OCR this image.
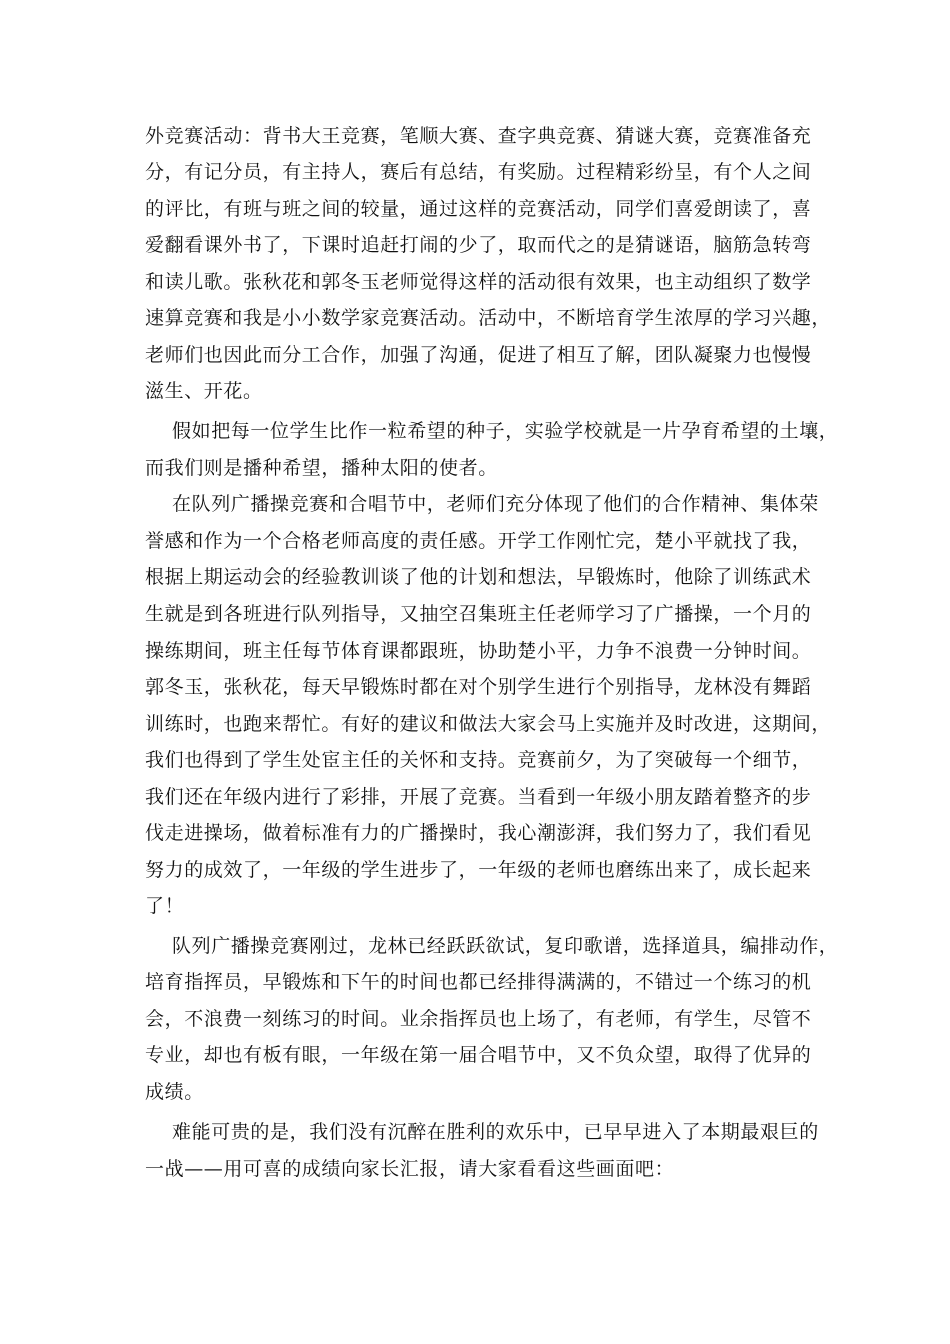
外竞赛活动：背书大王竞赛，笔顺大赛、查字典竞赛、猜谜大赛，竞赛准备充
分，有记分员，有主持人，赛后有总结，有奖励。过程精彩纷呈，有个人之间
的评比，有班与班之间的较量，通过这样的竞赛活动，同学们喜爱朗读了，喜
爱翻看课外书了，下课时追赶打闹的少了，取而代之的是猜谜语，脑筋急转弯
和读儿歌。张秋花和郭冬玉老师觉得这样的活动很有效果，也主动组织了数学
速算竞赛和我是小小数学家竞赛活动。活动中，不断培育学生浓厚的学习兴趣，
老师们也因此而分工合作，加强了沟通，促进了相互了解，团队凝聚力也慢慢
滋生、开花。
假如把每一位学生比作一粒希望的种子，实验学校就是一片孕育希望的土壤，
而我们则是播种希望，播种太阳的使者。
在队列广播操竞赛和合唱节中，老师们充分体现了他们的合作精神、集体荣
誉感和作为一个合格老师高度的责任感。开学工作刚忙完，楚小平就找了我，
根据上期运动会的经验教训谈了他的计划和想法，早锻炼时，他除了训练武术
生就是到各班进行队列指导，又抽空召集班主任老师学习了广播操，一个月的
操练期间，班主任每节体育课都跟班，协助楚小平，力争不浪费一分钟时间。
郭冬玉，张秋花，每天早锻炼时都在对个别学生进行个别指导，龙林没有舞蹈
训练时，也跑来帮忙。有好的建议和做法大家会马上实施并及时改进，这期间，
我们也得到了学生处宦主任的关怀和支持。竞赛前夕，为了突破每一个细节，
我们还在年级内进行了彩排，开展了竞赛。当看到一年级小朋友踏着整齐的步
伐走进操场，做着标准有力的广播操时，我心潮澎湃，我们努力了，我们看见
努力的成效了，一年级的学生进步了，一年级的老师也磨练出来了，成长起来
了！
队列广播操竞赛刚过，龙林已经跃跃欲试，复印歌谱，选择道具，编排动作，
培育指挥员，早锻炼和下午的时间也都已经排得满满的，不错过一个练习的机
会，不浪费一刻练习的时间。业余指挥员也上场了，有老师，有学生，尽管不
专业，却也有板有眼，一年级在第一届合唱节中，又不负众望，取得了优异的
成绩。
难能可贵的是，我们没有沉醉在胜利的欢乐中，已早早进入了本期最艰巨的
一战——用可喜的成绩向家长汇报，请大家看看这些画面吧：
